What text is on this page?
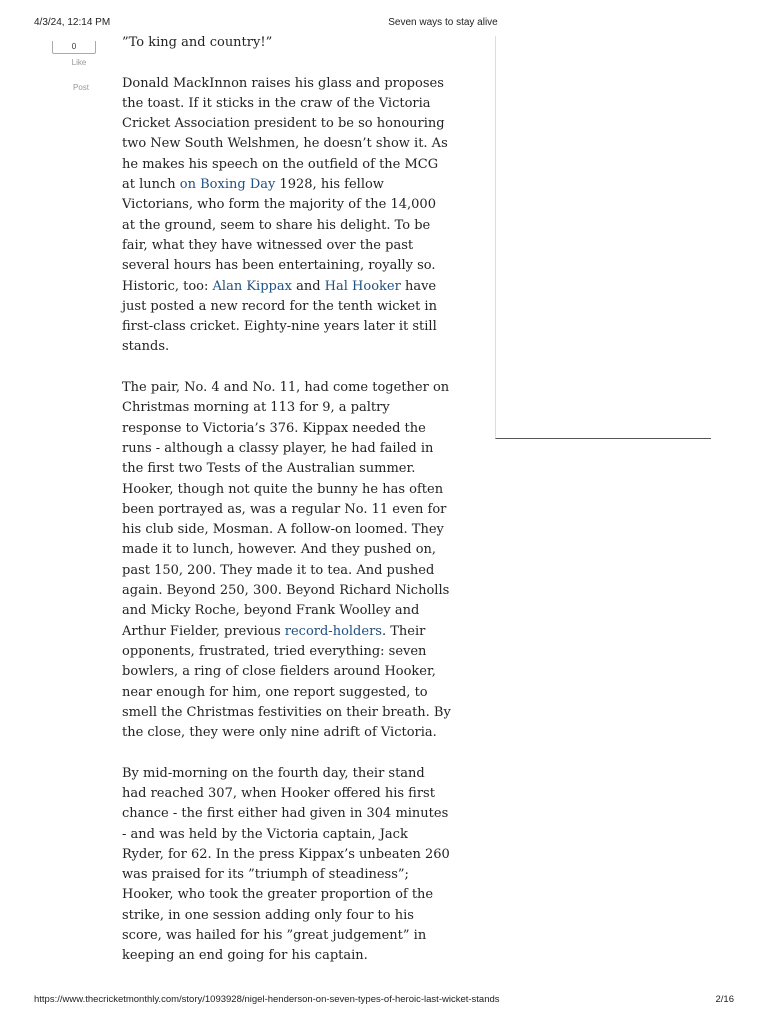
4/3/24, 12:14 PM	Seven ways to stay alive
0
Like
Post

”To king and country!”

Donald MackInnon raises his glass and proposes the toast. If it sticks in the craw of the Victoria Cricket Association president to be so honouring two New South Welshmen, he doesn’t show it. As he makes his speech on the outfield of the MCG at lunch on Boxing Day 1928, his fellow Victorians, who form the majority of the 14,000 at the ground, seem to share his delight. To be fair, what they have witnessed over the past several hours has been entertaining, royally so. Historic, too: Alan Kippax and Hal Hooker have just posted a new record for the tenth wicket in first-class cricket. Eighty-nine years later it still stands.

The pair, No. 4 and No. 11, had come together on Christmas morning at 113 for 9, a paltry response to Victoria’s 376. Kippax needed the runs - although a classy player, he had failed in the first two Tests of the Australian summer. Hooker, though not quite the bunny he has often been portrayed as, was a regular No. 11 even for his club side, Mosman. A follow-on loomed. They made it to lunch, however. And they pushed on, past 150, 200. They made it to tea. And pushed again. Beyond 250, 300. Beyond Richard Nicholls and Micky Roche, beyond Frank Woolley and Arthur Fielder, previous record-holders. Their opponents, frustrated, tried everything: seven bowlers, a ring of close fielders around Hooker, near enough for him, one report suggested, to smell the Christmas festivities on their breath. By the close, they were only nine adrift of Victoria.

By mid-morning on the fourth day, their stand had reached 307, when Hooker offered his first chance - the first either had given in 304 minutes - and was held by the Victoria captain, Jack Ryder, for 62. In the press Kippax’s unbeaten 260 was praised for its ”triumph of steadiness”; Hooker, who took the greater proportion of the strike, in one session adding only four to his score, was hailed for his ”great judgement” in keeping an end going for his captain.

https://www.thecricketmonthly.com/story/1093928/nigel-henderson-on-seven-types-of-heroic-last-wicket-stands	2/16
